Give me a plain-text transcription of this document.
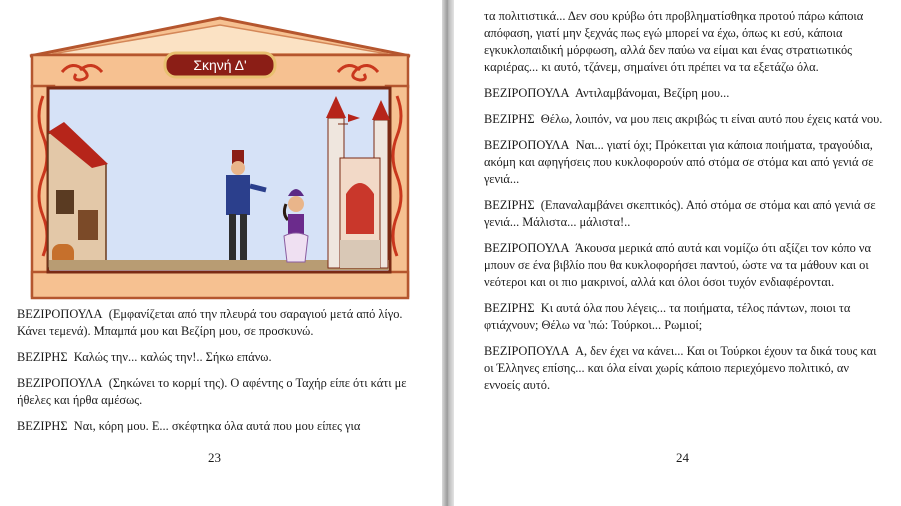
Σκηνή Δ'

ΒΕΖΙΡΟΠΟΥΛΑ (Εμφανίζεται από την πλευρά του σαραγιού μετά από λίγο. Κάνει τεμενά). Μπαμπά μου και Βεζίρη μου, σε προσκυνώ.

ΒΕΖΙΡΗΣ Καλώς την... καλώς την!.. Σήκω επάνω.

ΒΕΖΙΡΟΠΟΥΛΑ (Σηκώνει το κορμί της). Ο αφέντης ο Ταχήρ είπε ότι κάτι με ήθελες και ήρθα αμέσως.

ΒΕΖΙΡΗΣ Ναι, κόρη μου. Ε... σκέφτηκα όλα αυτά που μου είπες για

23

τα πολιτιστικά... Δεν σου κρύβω ότι προβληματίσθηκα προτού πάρω κάποια απόφαση, γιατί μην ξεχνάς πως εγώ μπορεί να έχω, όπως κι εσύ, κάποια εγκυκλοπαιδική μόρφωση, αλλά δεν παύω να είμαι και ένας στρατιωτικός καριέρας... κι αυτό, τζάνεμ, σημαίνει ότι πρέπει να τα εξετάζω όλα.

ΒΕΖΙΡΟΠΟΥΛΑ Αντιλαμβάνομαι, Βεζίρη μου...

ΒΕΖΙΡΗΣ Θέλω, λοιπόν, να μου πεις ακριβώς τι είναι αυτό που έχεις κατά νου.

ΒΕΖΙΡΟΠΟΥΛΑ Ναι... γιατί όχι; Πρόκειται για κάποια ποιήματα, τραγούδια, ακόμη και αφηγήσεις που κυκλοφορούν από στόμα σε στόμα και από γενιά σε γενιά...

ΒΕΖΙΡΗΣ (Επαναλαμβάνει σκεπτικός). Από στόμα σε στόμα και από γενιά σε γενιά... Μάλιστα... μάλιστα!..

ΒΕΖΙΡΟΠΟΥΛΑ Άκουσα μερικά από αυτά και νομίζω ότι αξίζει τον κόπο να μπουν σε ένα βιβλίο που θα κυκλοφορήσει παντού, ώστε να τα μάθουν και οι νεότεροι και οι πιο μακρινοί, αλλά και όλοι όσοι τυχόν ενδιαφέρονται.

ΒΕΖΙΡΗΣ Κι αυτά όλα που λέγεις... τα ποιήματα, τέλος πάντων, ποιοι τα φτιάχνουν; Θέλω να 'πώ: Τούρκοι... Ρωμιοί;

ΒΕΖΙΡΟΠΟΥΛΑ Α, δεν έχει να κάνει... Και οι Τούρκοι έχουν τα δικά τους και οι Έλληνες επίσης... και όλα είναι χωρίς κάποιο περιεχόμενο πολιτικό, αν εννοείς αυτό.

24
